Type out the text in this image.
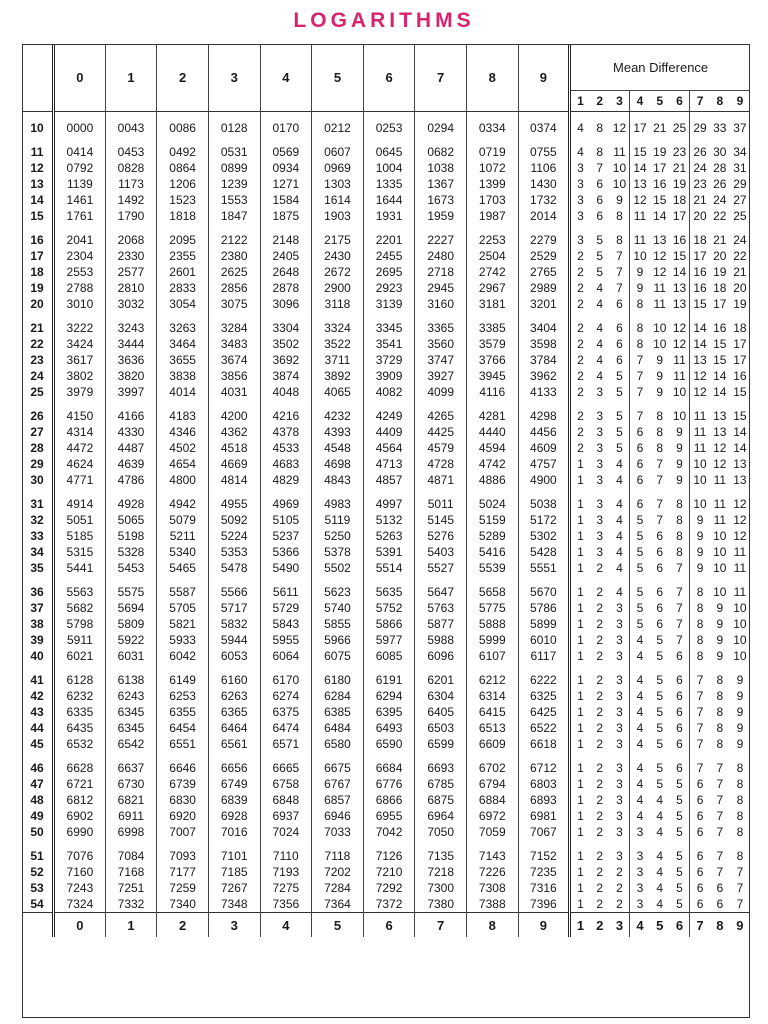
LOGARITHMS
	0	1	2	3	4	5	6	7	8	9	Mean Difference								
											1	2	3	4	5	6	7	8	9
10	0000	0043	0086	0128	0170	0212	0253	0294	0334	0374	4	8	12	17	21	25	29	33	37
11	0414	0453	0492	0531	0569	0607	0645	0682	0719	0755	4	8	11	15	19	23	26	30	34
12	0792	0828	0864	0899	0934	0969	1004	1038	1072	1106	3	7	10	14	17	21	24	28	31
13	1139	1173	1206	1239	1271	1303	1335	1367	1399	1430	3	6	10	13	16	19	23	26	29
14	1461	1492	1523	1553	1584	1614	1644	1673	1703	1732	3	6	9	12	15	18	21	24	27
15	1761	1790	1818	1847	1875	1903	1931	1959	1987	2014	3	6	8	11	14	17	20	22	25
16	2041	2068	2095	2122	2148	2175	2201	2227	2253	2279	3	5	8	11	13	16	18	21	24
17	2304	2330	2355	2380	2405	2430	2455	2480	2504	2529	2	5	7	10	12	15	17	20	22
18	2553	2577	2601	2625	2648	2672	2695	2718	2742	2765	2	5	7	9	12	14	16	19	21
19	2788	2810	2833	2856	2878	2900	2923	2945	2967	2989	2	4	7	9	11	13	16	18	20
20	3010	3032	3054	3075	3096	3118	3139	3160	3181	3201	2	4	6	8	11	13	15	17	19
21	3222	3243	3263	3284	3304	3324	3345	3365	3385	3404	2	4	6	8	10	12	14	16	18
22	3424	3444	3464	3483	3502	3522	3541	3560	3579	3598	2	4	6	8	10	12	14	15	17
23	3617	3636	3655	3674	3692	3711	3729	3747	3766	3784	2	4	6	7	9	11	13	15	17
24	3802	3820	3838	3856	3874	3892	3909	3927	3945	3962	2	4	5	7	9	11	12	14	16
25	3979	3997	4014	4031	4048	4065	4082	4099	4116	4133	2	3	5	7	9	10	12	14	15
26	4150	4166	4183	4200	4216	4232	4249	4265	4281	4298	2	3	5	7	8	10	11	13	15
27	4314	4330	4346	4362	4378	4393	4409	4425	4440	4456	2	3	5	6	8	9	11	13	14
28	4472	4487	4502	4518	4533	4548	4564	4579	4594	4609	2	3	5	6	8	9	11	12	14
29	4624	4639	4654	4669	4683	4698	4713	4728	4742	4757	1	3	4	6	7	9	10	12	13
30	4771	4786	4800	4814	4829	4843	4857	4871	4886	4900	1	3	4	6	7	9	10	11	13
31	4914	4928	4942	4955	4969	4983	4997	5011	5024	5038	1	3	4	6	7	8	10	11	12
32	5051	5065	5079	5092	5105	5119	5132	5145	5159	5172	1	3	4	5	7	8	9	11	12
33	5185	5198	5211	5224	5237	5250	5263	5276	5289	5302	1	3	4	5	6	8	9	10	12
34	5315	5328	5340	5353	5366	5378	5391	5403	5416	5428	1	3	4	5	6	8	9	10	11
35	5441	5453	5465	5478	5490	5502	5514	5527	5539	5551	1	2	4	5	6	7	9	10	11
36	5563	5575	5587	5566	5611	5623	5635	5647	5658	5670	1	2	4	5	6	7	8	10	11
37	5682	5694	5705	5717	5729	5740	5752	5763	5775	5786	1	2	3	5	6	7	8	9	10
38	5798	5809	5821	5832	5843	5855	5866	5877	5888	5899	1	2	3	5	6	7	8	9	10
39	5911	5922	5933	5944	5955	5966	5977	5988	5999	6010	1	2	3	4	5	7	8	9	10
40	6021	6031	6042	6053	6064	6075	6085	6096	6107	6117	1	2	3	4	5	6	8	9	10
41	6128	6138	6149	6160	6170	6180	6191	6201	6212	6222	1	2	3	4	5	6	7	8	9
42	6232	6243	6253	6263	6274	6284	6294	6304	6314	6325	1	2	3	4	5	6	7	8	9
43	6335	6345	6355	6365	6375	6385	6395	6405	6415	6425	1	2	3	4	5	6	7	8	9
44	6435	6345	6454	6464	6474	6484	6493	6503	6513	6522	1	2	3	4	5	6	7	8	9
45	6532	6542	6551	6561	6571	6580	6590	6599	6609	6618	1	2	3	4	5	6	7	8	9
46	6628	6637	6646	6656	6665	6675	6684	6693	6702	6712	1	2	3	4	5	6	7	7	8
47	6721	6730	6739	6749	6758	6767	6776	6785	6794	6803	1	2	3	4	5	5	6	7	8
48	6812	6821	6830	6839	6848	6857	6866	6875	6884	6893	1	2	3	4	4	5	6	7	8
49	6902	6911	6920	6928	6937	6946	6955	6964	6972	6981	1	2	3	4	4	5	6	7	8
50	6990	6998	7007	7016	7024	7033	7042	7050	7059	7067	1	2	3	3	4	5	6	7	8
51	7076	7084	7093	7101	7110	7118	7126	7135	7143	7152	1	2	3	3	4	5	6	7	8
52	7160	7168	7177	7185	7193	7202	7210	7218	7226	7235	1	2	2	3	4	5	6	7	7
53	7243	7251	7259	7267	7275	7284	7292	7300	7308	7316	1	2	2	3	4	5	6	6	7
54	7324	7332	7340	7348	7356	7364	7372	7380	7388	7396	1	2	2	3	4	5	6	6	7
	0	1	2	3	4	5	6	7	8	9	1	2	3	4	5	6	7	8	9
